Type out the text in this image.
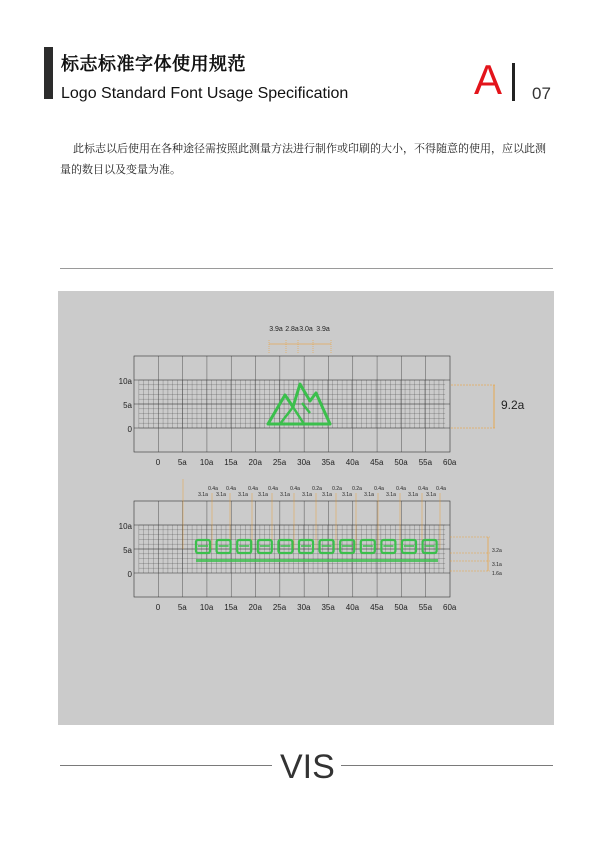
标志标准字体使用规范
Logo Standard Font Usage Specification	A 07
此标志以后使用在各种途径需按照此测量方法进行制作或印刷的大小，不得随意的使用，应以此测量的数目以及变量为准。
10a
5a
0
0 5a 10a 15a 20a 25a 30a 35a 40a 45a 50a 55a 60a
3.9a 2.8a 3.0a 3.9a
9.2a
10a
5a
0
0 5a 10a 15a 20a 25a 30a 35a 40a 45a 50a 55a 60a
0.4a
3.1a
0.4a
3.1a
0.4a
3.1a
0.4a
3.1a
0.4a
3.1a
0.2a
3.1a
0.2a
3.1a
0.2a
3.1a
0.4a
3.1a
0.4a
3.1a
0.4a
3.1a
0.4a
3.1a
3.2a
3.1a
1.6a
VIS
